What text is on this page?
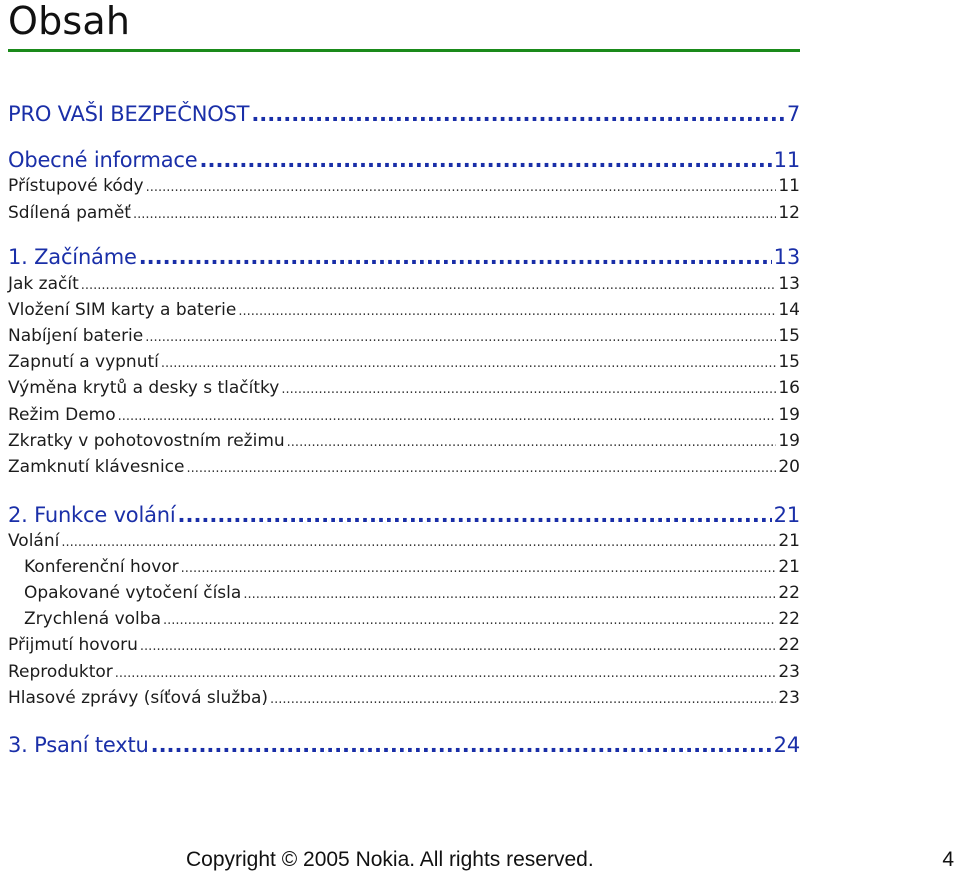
Obsah
PRO VAŠI BEZPEČNOST .....	7
Obecné informace .....	11
Přístupové kódy .....	11
Sdílená paměť .....	12
1. Začínáme .....	13
Jak začít .....	13
Vložení SIM karty a baterie .....	14
Nabíjení baterie .....	15
Zapnutí a vypnutí .....	15
Výměna krytů a desky s tlačítky .....	16
Režim Demo .....	19
Zkratky v pohotovostním režimu .....	19
Zamknutí klávesnice .....	20
2. Funkce volání .....	21
Volání .....	21
Konferenční hovor .....	21
Opakované vytočení čísla .....	22
Zrychlená volba .....	22
Přijmutí hovoru .....	22
Reproduktor .....	23
Hlasové zprávy (síťová služba) .....	23
3. Psaní textu .....	24
Copyright © 2005 Nokia. All rights reserved.	4
